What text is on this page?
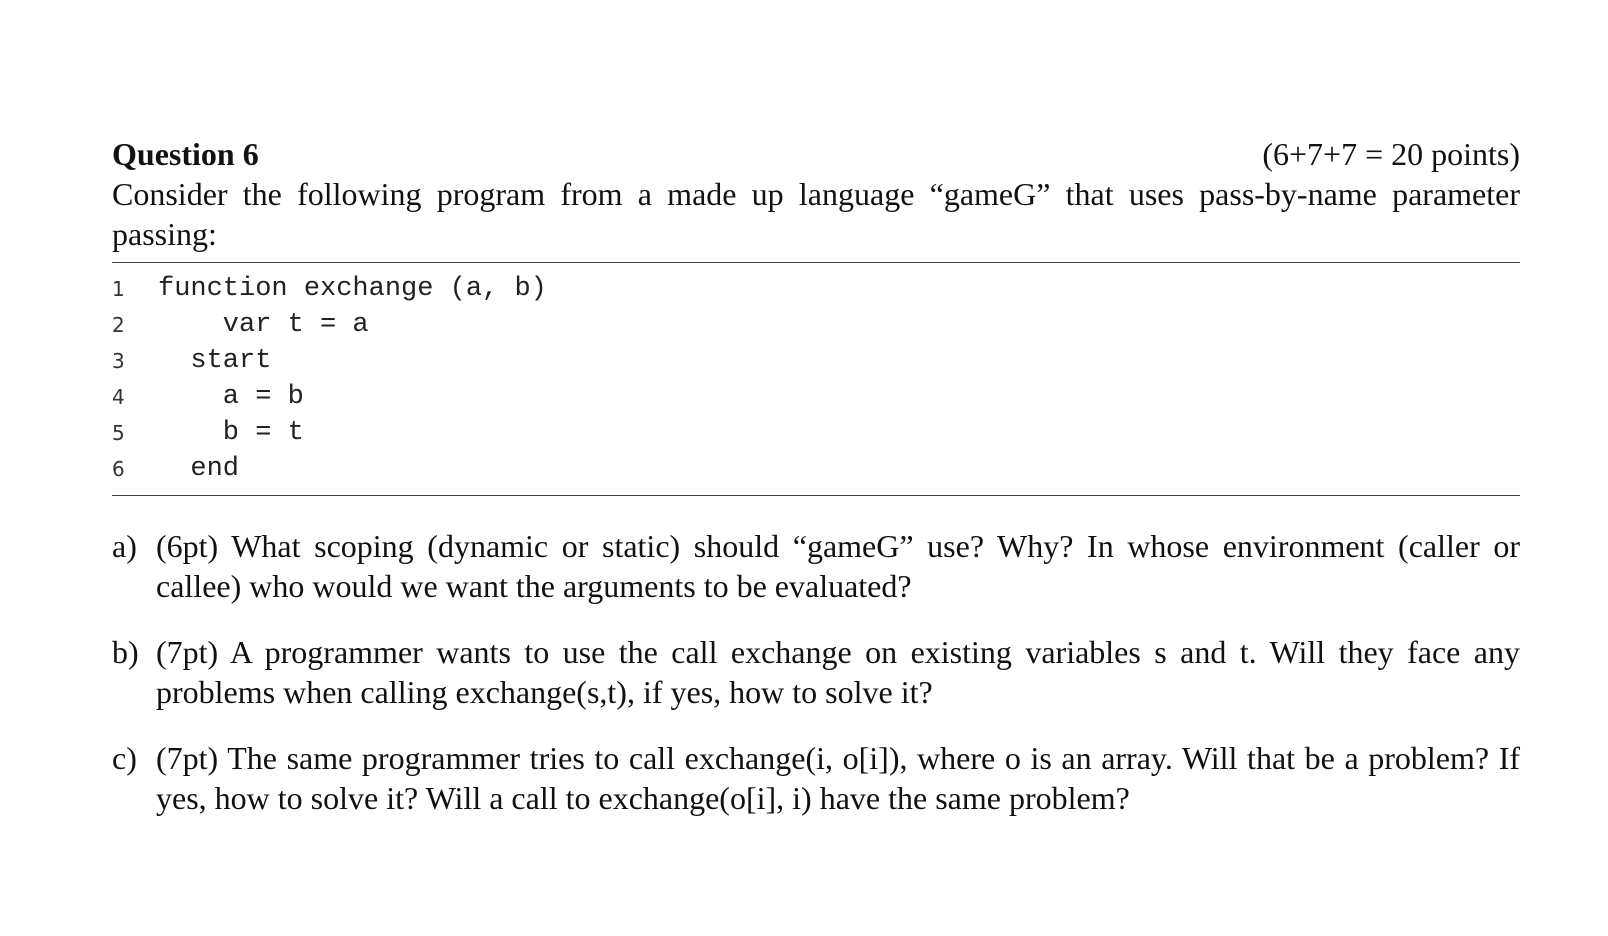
Question 6	(6+7+7 = 20 points)

Consider the following program from a made up language “gameG” that uses pass-by-name parameter passing:

1	function exchange (a, b)
2	var t = a
3	start
4	a = b
5	b = t
6	end
a) (6pt) What scoping (dynamic or static) should “gameG” use? Why? In whose environment (caller or callee) who would we want the arguments to be evaluated?
b) (7pt) A programmer wants to use the call exchange on existing variables s and t. Will they face any problems when calling exchange(s,t), if yes, how to solve it?
c) (7pt) The same programmer tries to call exchange(i, o[i]), where o is an array. Will that be a problem? If yes, how to solve it? Will a call to exchange(o[i], i) have the same problem?
